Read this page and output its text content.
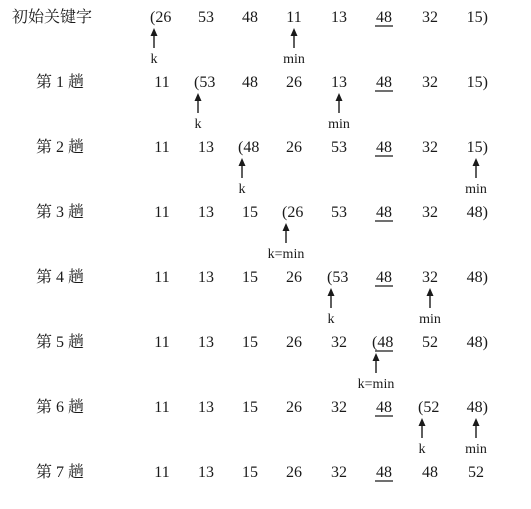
初始关键字	(26 53 48 11 13 48 32 15)
k	min
第 1 趟	11 (53 48 26 13 48 32 15)
k	min
第 2 趟	11 13 (48 26 53 48 32 15)
k	min
第 3 趟	11 13 15 (26 53 48 32 48)
k=min
第 4 趟	11 13 15 26 (53 48 32 48)
k	min
第 5 趟	11 13 15 26 32 (48 52 48)
k=min
第 6 趟	11 13 15 26 32 48 (52 48)
k	min
第 7 趟	11 13 15 26 32 48 48 52
